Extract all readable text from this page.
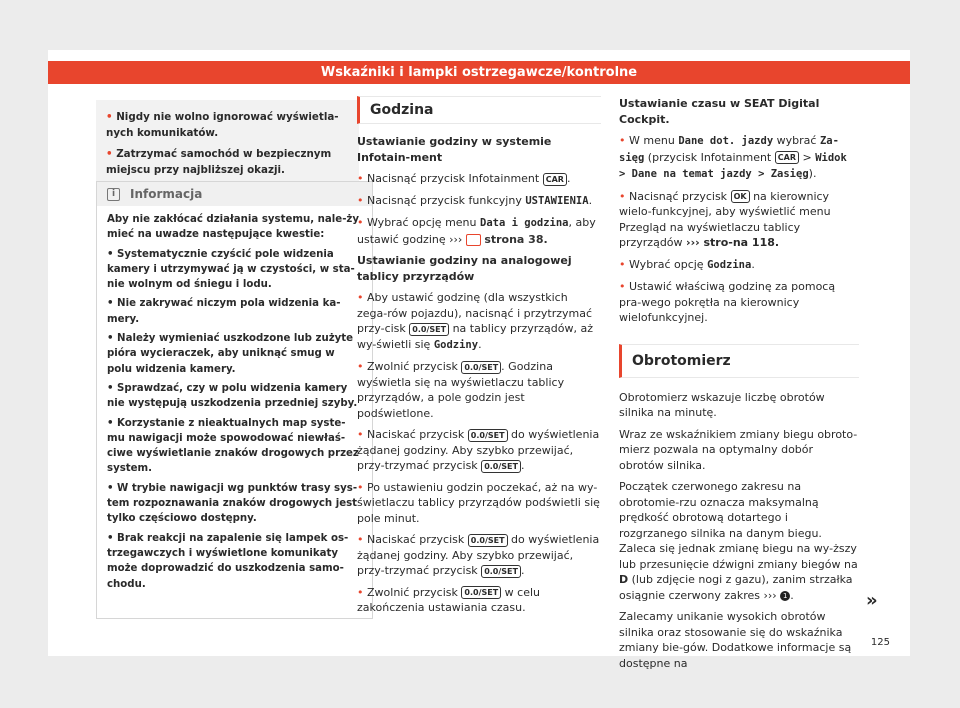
Wskaźniki i lampki ostrzegawcze/kontrolne

• Nigdy nie wolno ignorować wyświetla-nych komunikatów.

• Zatrzymać samochód w bezpiecznym miejscu przy najbliższej okazji.

i	Informacja

Aby nie zakłócać działania systemu, nale-ży mieć na uwadze następujące kwestie:

• Systematycznie czyścić pole widzenia kamery i utrzymywać ją w czystości, w sta-nie wolnym od śniegu i lodu.

• Nie zakrywać niczym pola widzenia ka-mery.

• Należy wymieniać uszkodzone lub zużyte pióra wycieraczek, aby uniknąć smug w polu widzenia kamery.

• Sprawdzać, czy w polu widzenia kamery nie występują uszkodzenia przedniej szyby.

• Korzystanie z nieaktualnych map syste-mu nawigacji może spowodować niewłaś-ciwe wyświetlanie znaków drogowych przez system.

• W trybie nawigacji wg punktów trasy sys-tem rozpoznawania znaków drogowych jest tylko częściowo dostępny.

• Brak reakcji na zapalenie się lampek os-trzegawczych i wyświetlone komunikaty może doprowadzić do uszkodzenia samo-chodu.

Godzina

Ustawianie godziny w systemie Infotain-ment

• Nacisnąć przycisk Infotainment CAR .

• Nacisnąć przycisk funkcyjny USTAWIENIA.

• Wybrać opcję menu Data i godzina, aby ustawić godzinę ››› strona 38.

Ustawianie godziny na analogowej tablicy przyrządów

• Aby ustawić godzinę (dla wszystkich zega-rów pojazdu), nacisnąć i przytrzymać przy-cisk 0.0/SET na tablicy przyrządów, aż wy-świetli się Godziny.

• Zwolnić przycisk 0.0/SET . Godzina wyświetla się na wyświetlaczu tablicy przyrządów, a pole godzin jest podświetlone.

• Naciskać przycisk 0.0/SET do wyświetlenia żądanej godziny. Aby szybko przewijać, przy-trzymać przycisk 0.0/SET .

• Po ustawieniu godzin poczekać, aż na wy-świetlaczu tablicy przyrządów podświetli się pole minut.

• Naciskać przycisk 0.0/SET do wyświetlenia żądanej godziny. Aby szybko przewijać, przy-trzymać przycisk 0.0/SET .

• Zwolnić przycisk 0.0/SET w celu zakończenia ustawiania czasu.

Ustawianie czasu w SEAT Digital Cockpit.

• W menu Dane dot. jazdy wybrać Za-sięg (przycisk Infotainment CAR > Widok > Dane na temat jazdy > Zasięg).

• Nacisnąć przycisk OK na kierownicy wielo-funkcyjnej, aby wyświetlić menu Przegląd na wyświetlaczu tablicy przyrządów ››› stro-na 118.

• Wybrać opcję Godzina.

• Ustawić właściwą godzinę za pomocą pra-wego pokrętła na kierownicy wielofunkcyjnej.

Obrotomierz

Obrotomierz wskazuje liczbę obrotów silnika na minutę.

Wraz ze wskaźnikiem zmiany biegu obroto-mierz pozwala na optymalny dobór obrotów silnika.

Początek czerwonego zakresu na obrotomie-rzu oznacza maksymalną prędkość obrotową dotartego i rozgrzanego silnika na danym biegu. Zaleca się jednak zmianę biegu na wy-ższy lub przesunięcie dźwigni zmiany biegów na D (lub zdjęcie nogi z gazu), zanim strzałka osiągnie czerwony zakres ››› 1 .

Zalecamy unikanie wysokich obrotów silnika oraz stosowanie się do wskaźnika zmiany bie-gów. Dodatkowe informacje są dostępne na

»
125
